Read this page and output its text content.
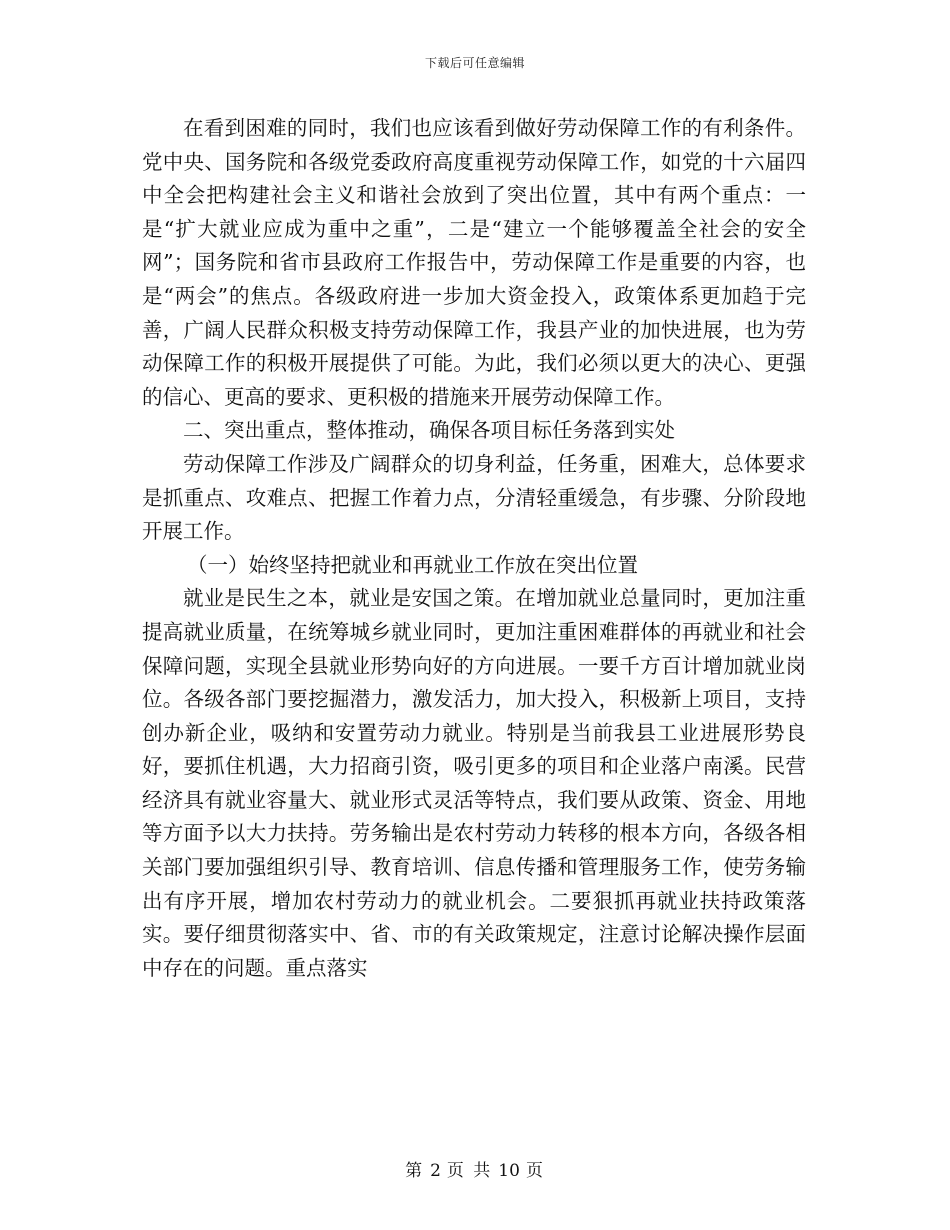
下载后可任意编辑

在看到困难的同时，我们也应该看到做好劳动保障工作的有利条件。党中央、国务院和各级党委政府高度重视劳动保障工作，如党的十六届四中全会把构建社会主义和谐社会放到了突出位置，其中有两个重点：一是“扩大就业应成为重中之重”，二是“建立一个能够覆盖全社会的安全网”；国务院和省市县政府工作报告中，劳动保障工作是重要的内容，也是“两会”的焦点。各级政府进一步加大资金投入，政策体系更加趋于完善，广阔人民群众积极支持劳动保障工作，我县产业的加快进展，也为劳动保障工作的积极开展提供了可能。为此，我们必须以更大的决心、更强的信心、更高的要求、更积极的措施来开展劳动保障工作。

二、突出重点，整体推动，确保各项目标任务落到实处

劳动保障工作涉及广阔群众的切身利益，任务重，困难大，总体要求是抓重点、攻难点、把握工作着力点，分清轻重缓急，有步骤、分阶段地开展工作。

（一）始终坚持把就业和再就业工作放在突出位置

就业是民生之本，就业是安国之策。在增加就业总量同时，更加注重提高就业质量，在统筹城乡就业同时，更加注重困难群体的再就业和社会保障问题，实现全县就业形势向好的方向进展。一要千方百计增加就业岗位。各级各部门要挖掘潜力，激发活力，加大投入，积极新上项目，支持创办新企业，吸纳和安置劳动力就业。特别是当前我县工业进展形势良好，要抓住机遇，大力招商引资，吸引更多的项目和企业落户南溪。民营经济具有就业容量大、就业形式灵活等特点，我们要从政策、资金、用地等方面予以大力扶持。劳务输出是农村劳动力转移的根本方向，各级各相关部门要加强组织引导、教育培训、信息传播和管理服务工作，使劳务输出有序开展，增加农村劳动力的就业机会。二要狠抓再就业扶持政策落实。要仔细贯彻落实中、省、市的有关政策规定，注意讨论解决操作层面中存在的问题。重点落实

第 2 页 共 10 页
